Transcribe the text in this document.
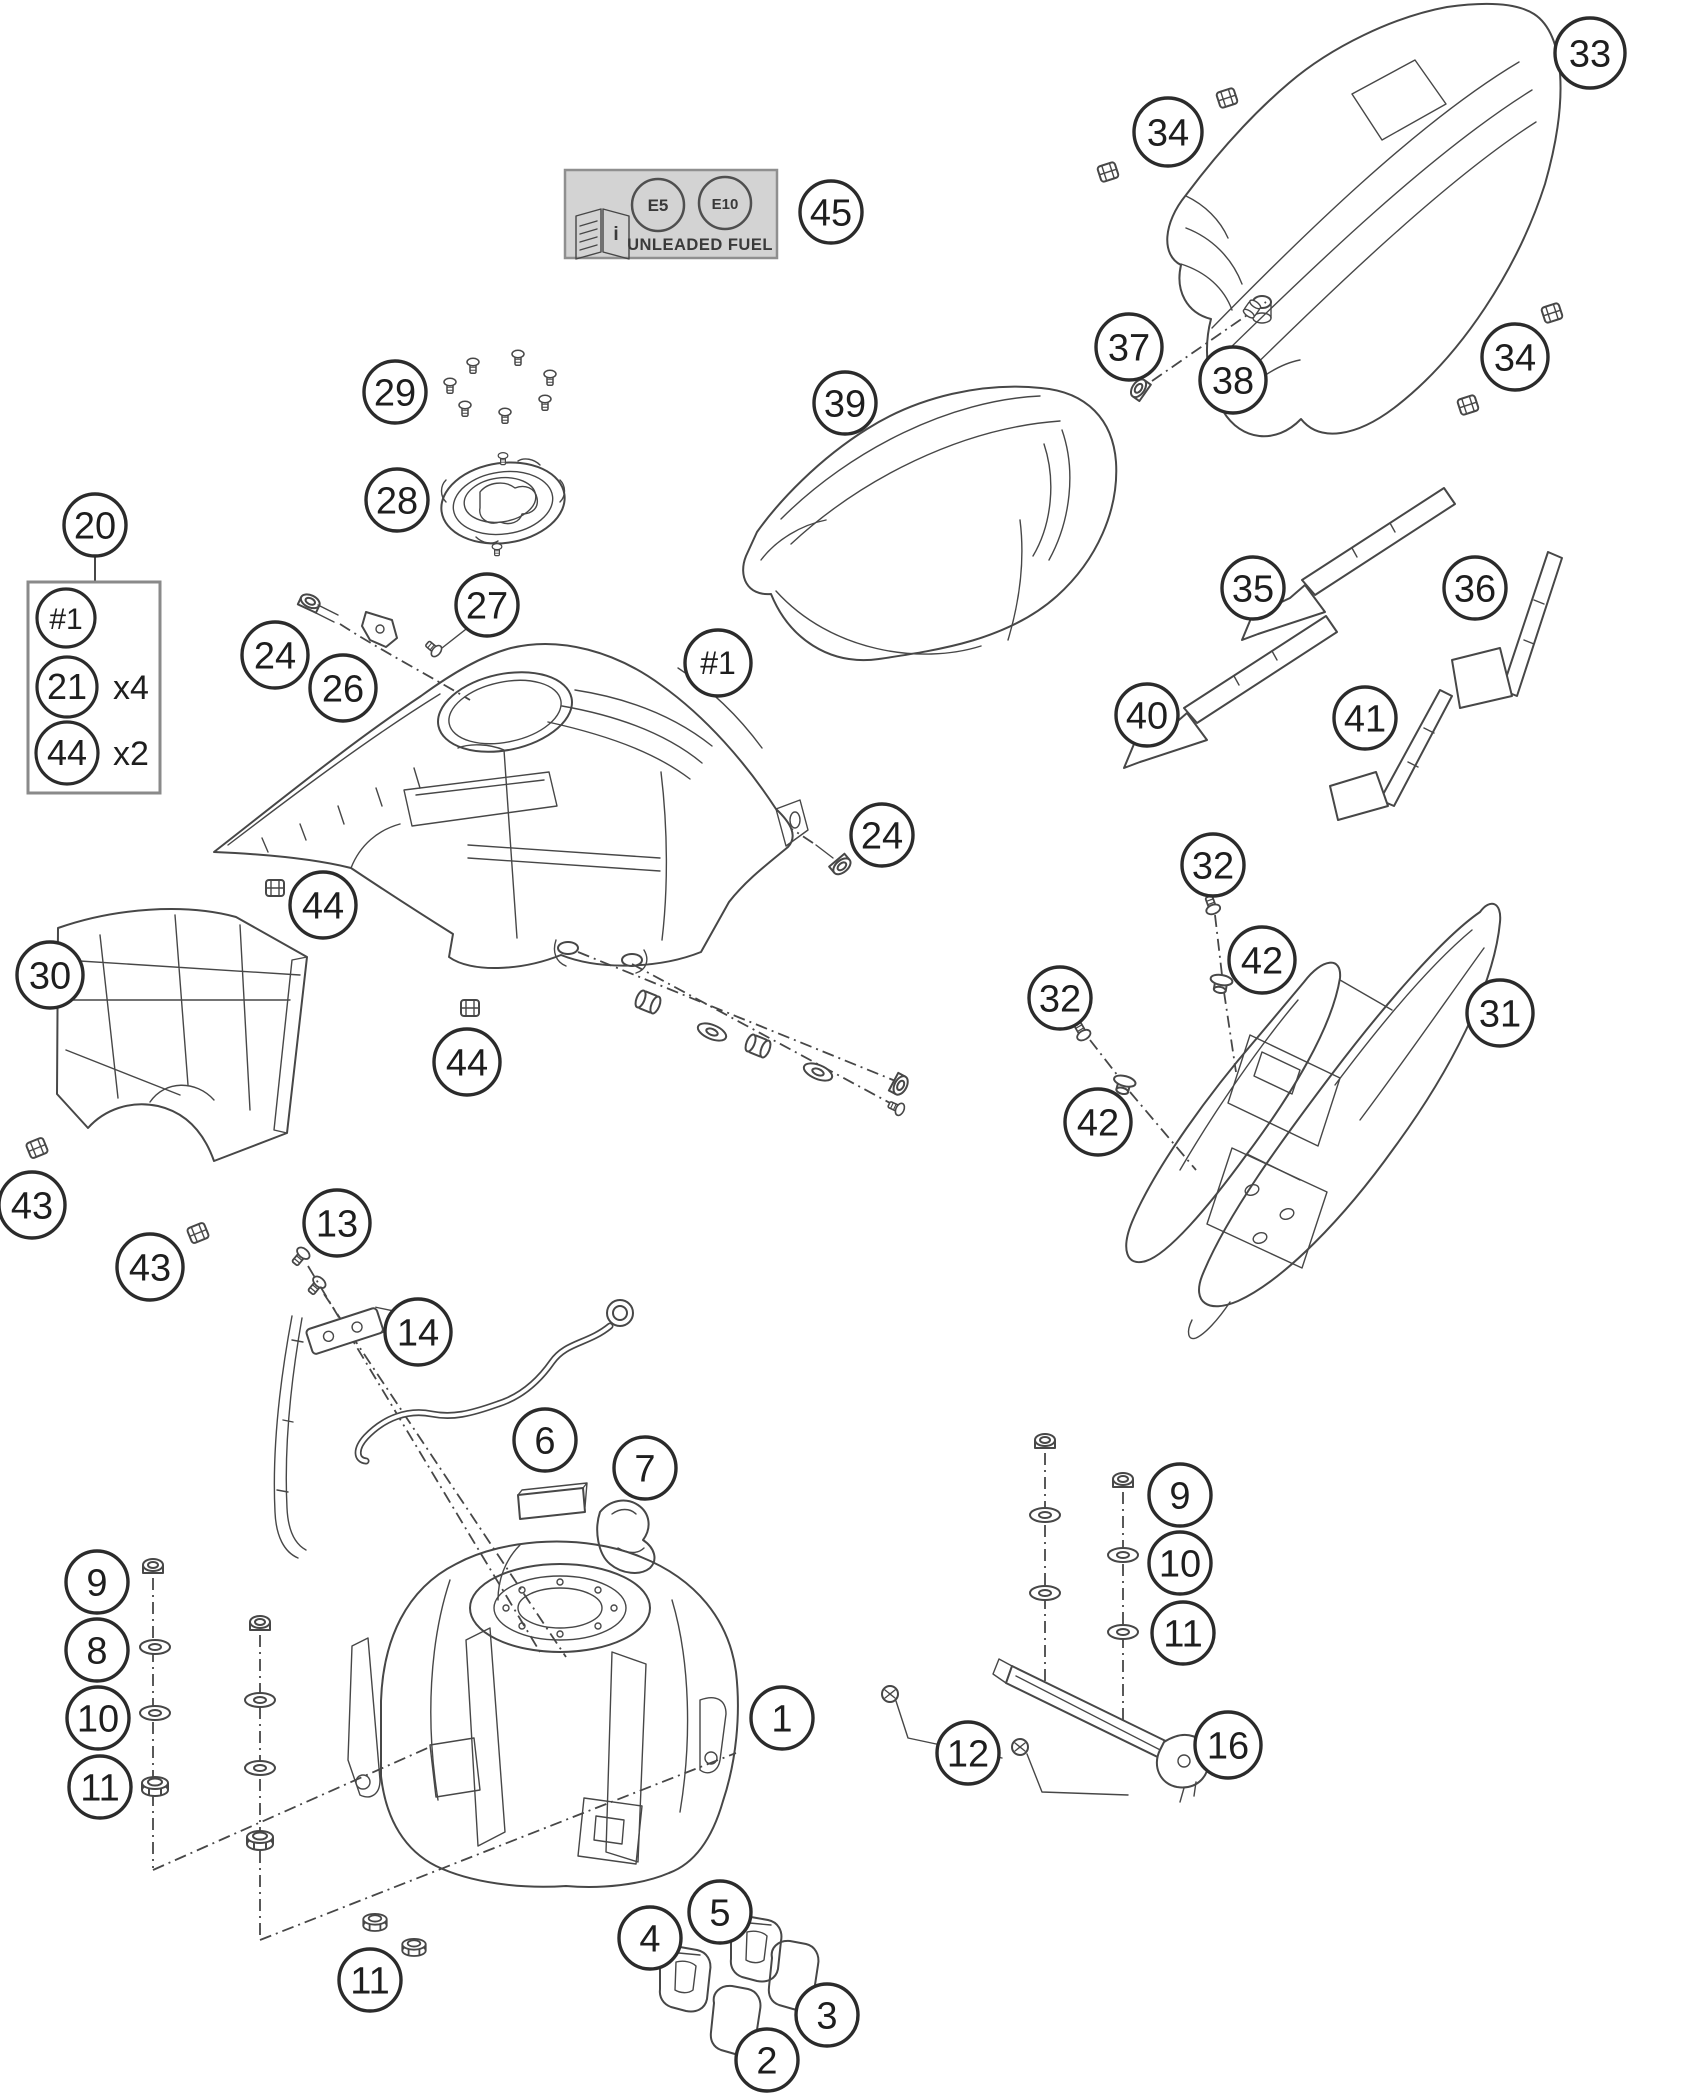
E5	E10
i UNLEADED FUEL
#1
21 x4
44 x2
45
33
34
37
38
34
29
28
39
20
27
24
26
#1
24
35	36
40	41
30
44
44
32
42
32
42
31
43
43
13
14
6
7
9
8
10
11
1
9
10
11
12	16
11
4
5
3
2
